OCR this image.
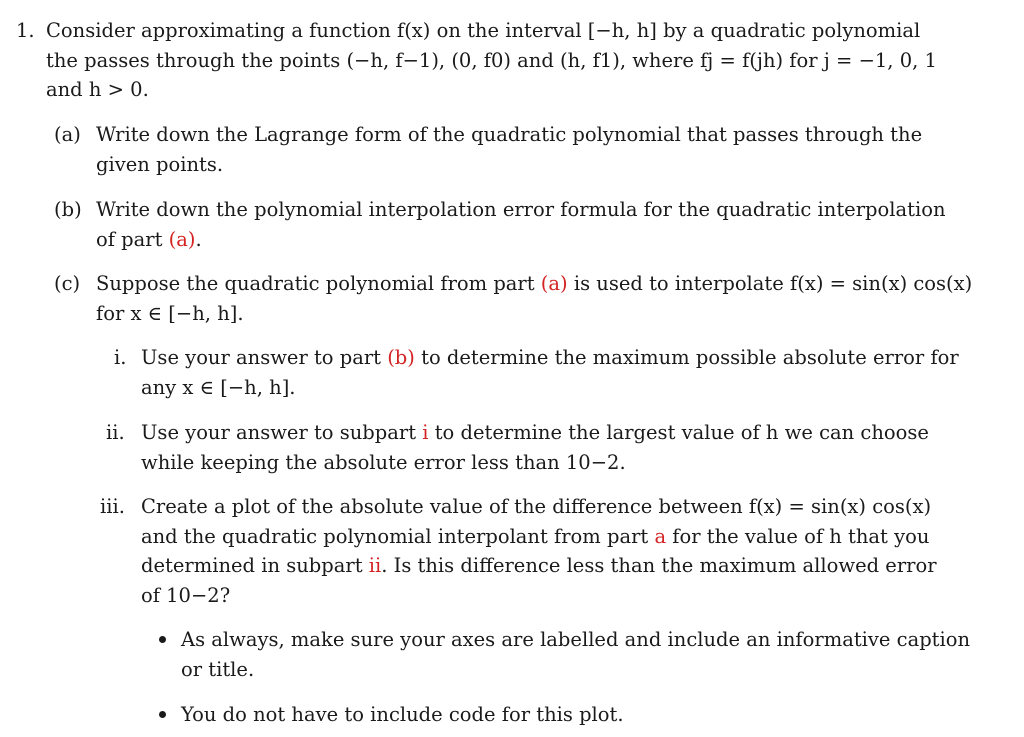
1. Consider approximating a function f(x) on the interval [−h, h] by a quadratic polynomial
the passes through the points (−h, f−1), (0, f0) and (h, f1), where fj = f(jh) for j = −1, 0, 1
and h > 0.
(a) Write down the Lagrange form of the quadratic polynomial that passes through the
given points.
(b) Write down the polynomial interpolation error formula for the quadratic interpolation
of part (a).
(c) Suppose the quadratic polynomial from part (a) is used to interpolate f(x) = sin(x) cos(x)
for x ∈ [−h, h].
i. Use your answer to part (b) to determine the maximum possible absolute error for
any x ∈ [−h, h].
ii. Use your answer to subpart i to determine the largest value of h we can choose
while keeping the absolute error less than 10−2.
iii. Create a plot of the absolute value of the difference between f(x) = sin(x) cos(x)
and the quadratic polynomial interpolant from part a for the value of h that you
determined in subpart ii. Is this difference less than the maximum allowed error
of 10−2?
As always, make sure your axes are labelled and include an informative caption
or title.
You do not have to include code for this plot.
